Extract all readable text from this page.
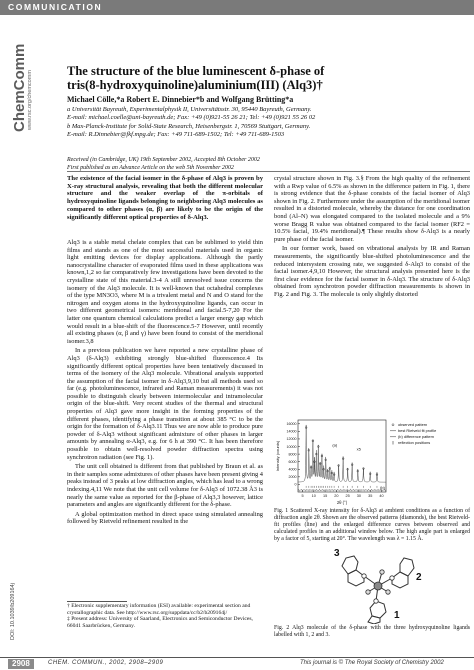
COMMUNICATION
ChemComm www.rsc.org/chemcomm	The structure of the blue luminescent δ-phase of
tris(8-hydroxyquinoline)aluminium(III) (Alq3)†
Michael Cölle,*a Robert E. Dinnebier*b and Wolfgang Brütting*a
a Universität Bayreuth, Experimentalphysik II, Universitätsstr. 30, 95440 Bayreuth, Germany.
E-mail: michael.coelle@uni-bayreuth.de; Fax: +49 (0)921-55 26 21; Tel: +49 (0)921 55 26 02
b Max-Planck-Institute for Solid-State Research, Heisenbergstr. 1, 70569 Stuttgart, Germany.
E-mail: R.Dinnebier@fkf.mpg.de; Fax: +49 711-689-1502; Tel: +49 711-689-1503
Received (in Cambridge, UK) 19th September 2002, Accepted 8th October 2002
First published as an Advance Article on the web 5th November 2002
The existence of the facial isomer in the δ-phase of Alq3 is proven by X-ray structural analysis, revealing that both the different molecular structure and the weaker overlap of the π-orbitals of hydroxyquinoline ligands belonging to neighboring Alq3 molecules as compared to other phases (α, β) are likely to be the origin of the significantly different optical properties of δ-Alq3.

Alq3 is a stable metal chelate complex that can be sublimed to yield thin films and stands as one of the most successful materials used in organic light emitting devices for display applications. Although the partly nanocrystalline character of evaporated films used in these applications was known,1,2 so far comparatively few investigations have been devoted to the crystalline state of this material.3-4 A still unresolved issue concerns the isomery of the Alq3 molecule. It is well-known that octahedral complexes of the type MN3O3, where M is a trivalent metal and N and O stand for the nitrogen and oxygen atoms in the hydroxyquinoline ligands, can occur in two different geometrical isomers: meridional and facial.5-7,20 For the latter one quantum chemical calculations predict a larger energy gap which would result in a blue-shift of the fluorescence.5-7 However, until recently all existing phases (α, β and γ) have been found to consist of the meridional isomer.3,8

In a previous publication we have reported a new crystalline phase of Alq3 (δ-Alq3) exhibiting strongly blue-shifted fluorescence.4 Its significantly different optical properties have been tentatively discussed in terms of the isomery of the Alq3 molecule. Vibrational analysis supported the assumption of the facial isomer in δ-Alq3,9,10 but all methods used so far (e.g. photoluminescence, infrared and Raman measurements) it was not possible to distinguish clearly between intermolecular and intramolecular origin of the blue-shift. Very recent studies of the thermal and structural properties of Alq3 gave more insight in the forming properties of the different phases, identifying a phase transition at about 385 °C to be the origin for the formation of δ-Alq3.11 Thus we are now able to produce pure powder of δ-Alq3 without significant admixture of other phases in larger amounts by annealing α-Alq3, e.g. for 6 h at 390 °C. It has been therefore possible to obtain well-resolved powder diffraction spectra using synchrotron radiation (see Fig. 1).

The unit cell obtained is different from that published by Braun et al. as in their samples some admixtures of other phases have been present giving 4 peaks instead of 3 peaks at low diffraction angles, which has lead to a wrong indexing.4,11 We note that the unit cell volume for δ-Alq3 of 1072.38 Å3 is nearly the same value as reported for the β-phase of Alq3,3 however, lattice parameters and angles are significantly different for the δ-phase.

A global optimization method in direct space using simulated annealing followed by Rietveld refinement resulted in the

† Electronic supplementary information (ESI) available: experimental section and crystallographic data. See http://www.rsc.org/suppdata/cc/b2/b209164j/
‡ Present address: University of Saarland, Electronics and Semiconductor Devices, 66041 Saarbrücken, Germany.

crystal structure shown in Fig. 3.§ From the high quality of the refinement with a Rwp value of 6.5% as shown in the difference pattern in Fig. 1, there is strong evidence that the δ-phase consists of the facial isomer of Alq3 shown in Fig. 2. Furthermore under the assumption of the meridional isomer resulted in a distorted molecule, whereby the distance for one coordination bond (Al–N) was elongated compared to the isolated molecule and a 9% worse Bragg R value was obtained compared to the facial isomer (RF2 = 10.5% facial, 19.4% meridional).¶ These results show δ-Alq3 is a nearly pure phase of the facial isomer.

In our former work, based on vibrational analysis by IR and Raman measurements, the significantly blue-shifted photoluminescence and the reduced intersystem crossing rate, we suggested δ-Alq3 to consist of the facial isomer.4,9,10 However, the structural analysis presented here is the first clear evidence for the facial isomer in δ-Alq3. The structure of δ-Alq3 obtained from synchrotron powder diffraction measurements is shown in Fig. 2 and Fig. 3. The molecule is only slightly distorted

16000
14000
12000
10000
8000
6000
4000
2000
0
5 10 15 20 25 30 35 40
Intensity (counts)
2θ (°)
(a)
x5
(b)
observed pattern
best Rietveld fit profile
(b) difference pattern
reflection positions
Fig. 1 Scattered X-ray intensity for δ-Alq3 at ambient conditions as a function of diffraction angle 2θ. Shown are the observed patterns (diamonds), the best Rietveld-fit profiles (line) and the enlarged difference curves between observed and calculated profiles in an additional window below. The high angle part is enlarged by a factor of 5, starting at 20°. The wavelength was λ = 1.15 Å.
3
2
1
Fig. 2 Alq3 molecule of the δ-phase with the three hydroxyquinoline ligands labelled with 1, 2 and 3.
DOI: 10.1039/b209164j
2908	CHEM. COMMUN., 2002, 2908–2909	This journal is © The Royal Society of Chemistry 2002
